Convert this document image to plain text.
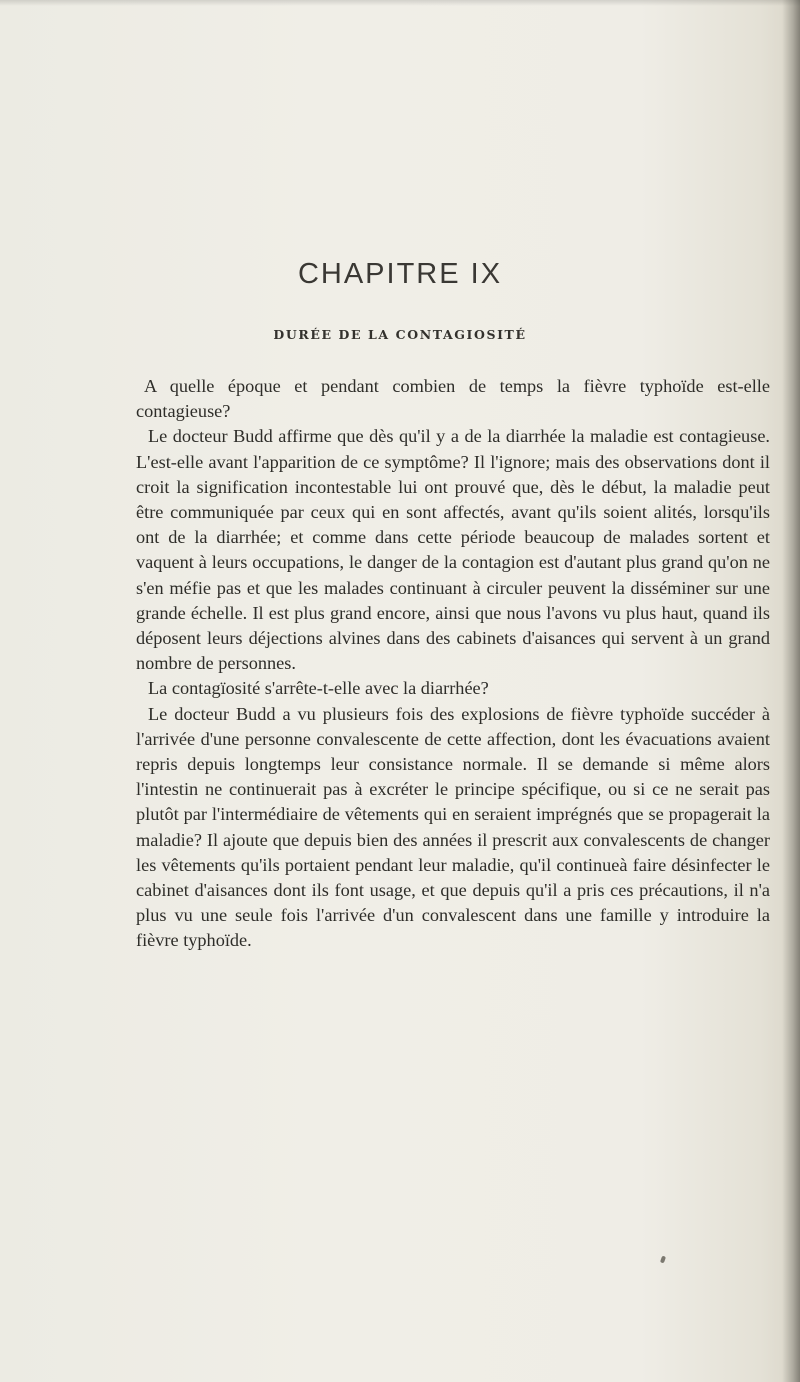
CHAPITRE IX
DURÉE DE LA CONTAGIOSITÉ

A quelle époque et pendant combien de temps la fièvre typhoïde est-elle contagieuse?

Le docteur Budd affirme que dès qu'il y a de la diarrhée la maladie est contagieuse. L'est-elle avant l'apparition de ce symptôme? Il l'ignore; mais des observations dont il croit la signification incontestable lui ont prouvé que, dès le début, la maladie peut être communiquée par ceux qui en sont affectés, avant qu'ils soient alités, lorsqu'ils ont de la diarrhée; et comme dans cette période beaucoup de malades sortent et vaquent à leurs occupations, le danger de la contagion est d'autant plus grand qu'on ne s'en méfie pas et que les malades continuant à circuler peuvent la disséminer sur une grande échelle. Il est plus grand encore, ainsi que nous l'avons vu plus haut, quand ils déposent leurs déjections alvines dans des cabinets d'aisances qui servent à un grand nombre de personnes.

La contagïosité s'arrête-t-elle avec la diarrhée?

Le docteur Budd a vu plusieurs fois des explosions de fièvre typhoïde succéder à l'arrivée d'une personne convalescente de cette affection, dont les évacuations avaient repris depuis longtemps leur consistance normale. Il se demande si même alors l'intestin ne continuerait pas à excréter le principe spécifique, ou si ce ne serait pas plutôt par l'intermédiaire de vêtements qui en seraient imprégnés que se propagerait la maladie? Il ajoute que depuis bien des années il prescrit aux convalescents de changer les vêtements qu'ils portaient pendant leur maladie, qu'il continueà faire désinfecter le cabinet d'aisances dont ils font usage, et que depuis qu'il a pris ces précautions, il n'a plus vu une seule fois l'arrivée d'un convalescent dans une famille y introduire la fièvre typhoïde.
